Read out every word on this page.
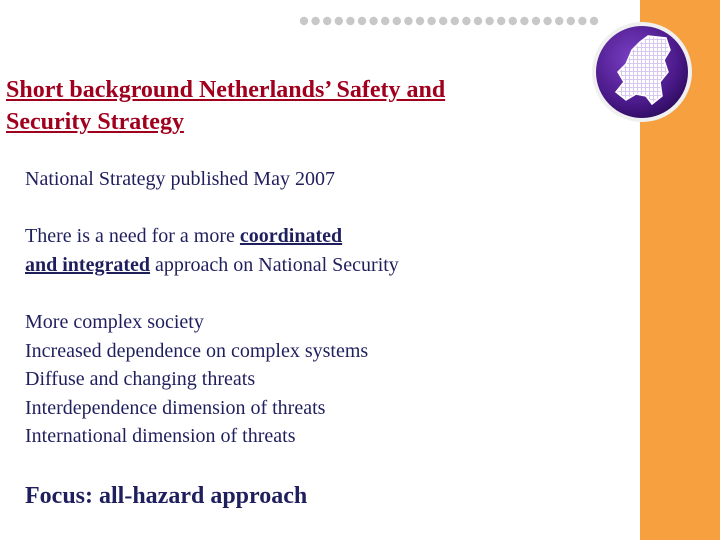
Short background Netherlands’ Safety and
Security Strategy

National Strategy published May 2007

There is a need for a more coordinated
and integrated approach on National Security

More complex society
Increased dependence on complex systems
Diffuse and changing threats
Interdependence dimension of threats
International dimension of threats

Focus: all-hazard approach
